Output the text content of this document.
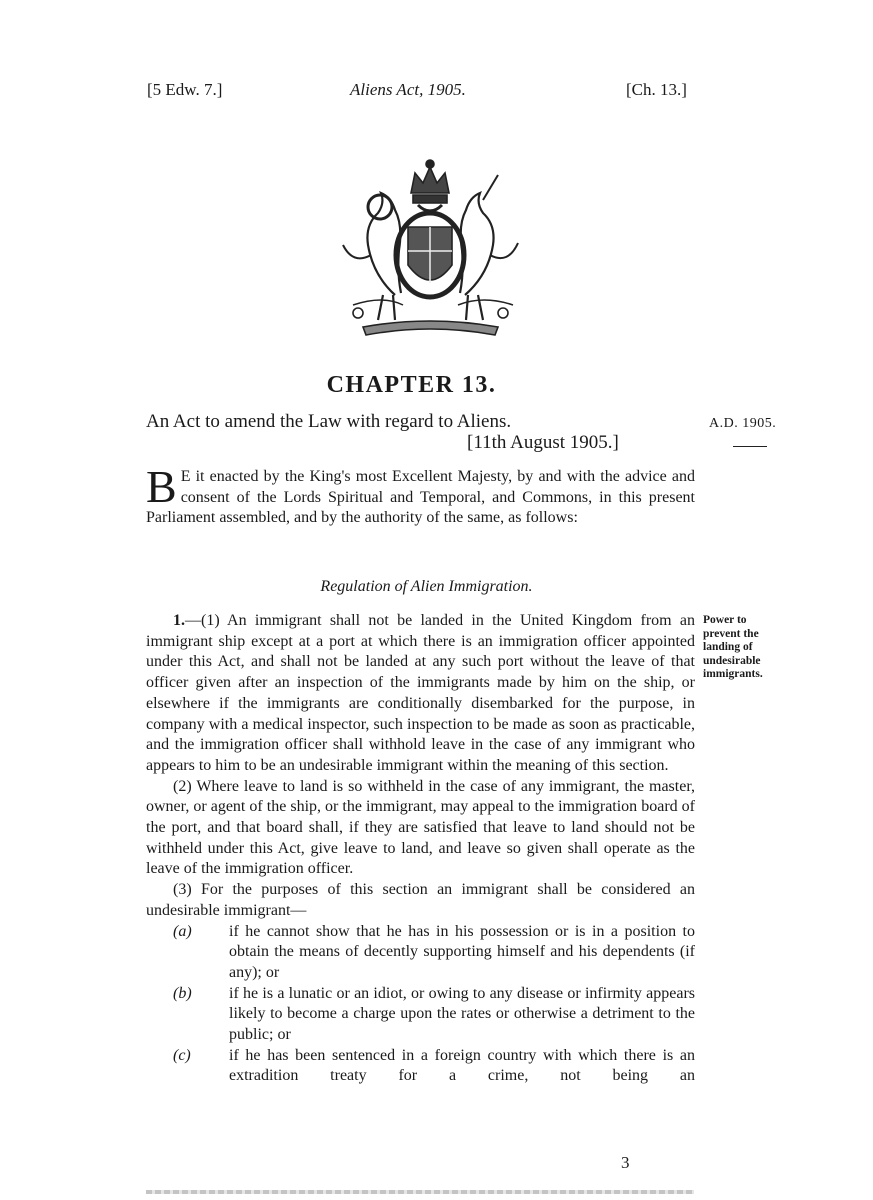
[5 Edw. 7.]	Aliens Act, 1905.	[Ch. 13.]
CHAPTER 13.
An Act to amend the Law with regard to Aliens.
[11th August 1905.]
A.D. 1905.
B E it enacted by the King's most Excellent Majesty, by and with the advice and consent of the Lords Spiritual and Temporal, and Commons, in this present Parliament assembled, and by the authority of the same, as follows:
Regulation of Alien Immigration.

1.—(1) An immigrant shall not be landed in the United Kingdom from an immigrant ship except at a port at which there is an immigration officer appointed under this Act, and shall not be landed at any such port without the leave of that officer given after an inspection of the immigrants made by him on the ship, or elsewhere if the immigrants are conditionally disembarked for the purpose, in company with a medical inspector, such inspection to be made as soon as practicable, and the immigration officer shall withhold leave in the case of any immigrant who appears to him to be an undesirable immigrant within the meaning of this section.

(2) Where leave to land is so withheld in the case of any immigrant, the master, owner, or agent of the ship, or the immigrant, may appeal to the immigration board of the port, and that board shall, if they are satisfied that leave to land should not be withheld under this Act, give leave to land, and leave so given shall operate as the leave of the immigration officer.

(3) For the purposes of this section an immigrant shall be considered an undesirable immigrant—

(a)	if he cannot show that he has in his possession or is in a position to obtain the means of decently supporting himself and his dependents (if any); or
(b)	if he is a lunatic or an idiot, or owing to any disease or infirmity appears likely to become a charge upon the rates or otherwise a detriment to the public; or
(c)	if he has been sentenced in a foreign country with which there is an extradition treaty for a crime, not being an
Power to prevent the landing of undesirable immigrants.
3
